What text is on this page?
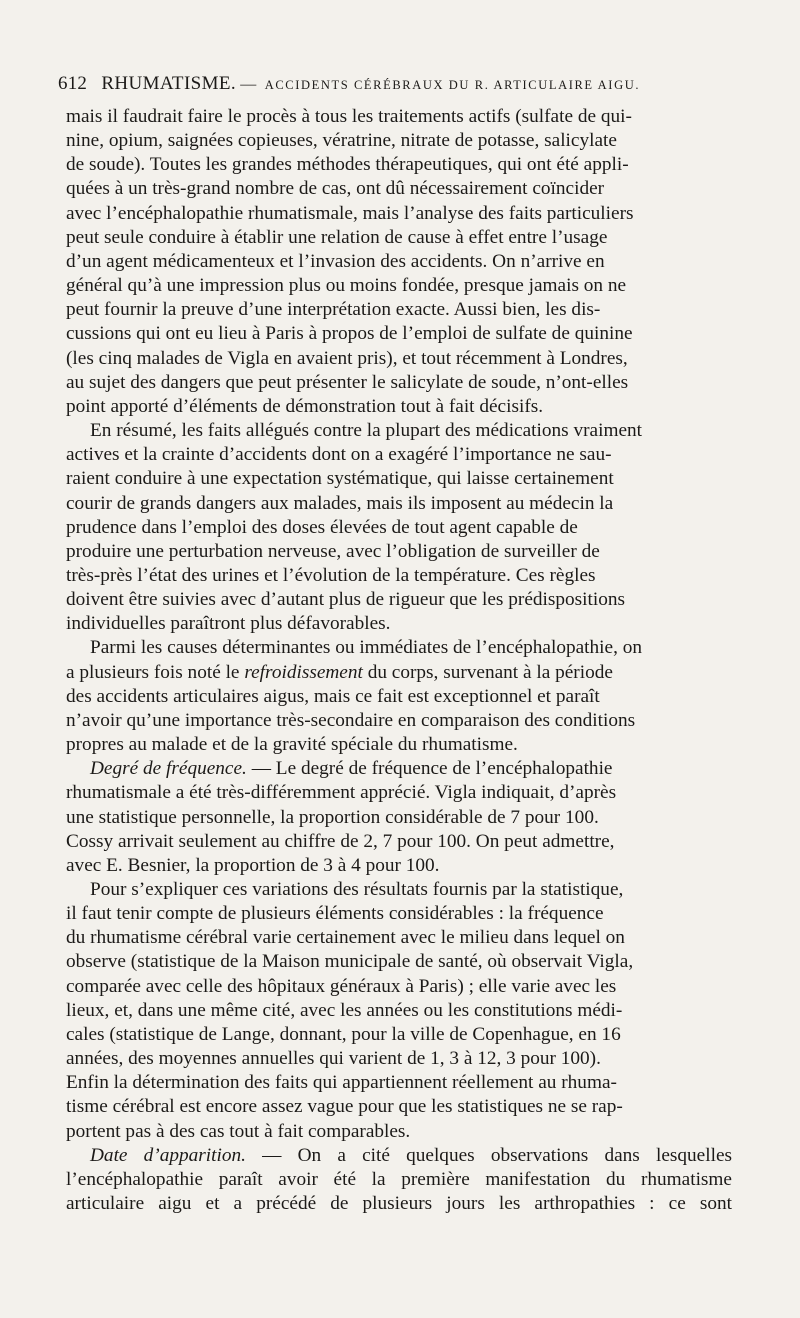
612 RHUMATISME. — ACCIDENTS CÉRÉBRAUX DU R. ARTICULAIRE AIGU.

mais il faudrait faire le procès à tous les traitements actifs (sulfate de qui-
nine, opium, saignées copieuses, vératrine, nitrate de potasse, salicylate
de soude). Toutes les grandes méthodes thérapeutiques, qui ont été appli-
quées à un très-grand nombre de cas, ont dû nécessairement coïncider
avec l’encéphalopathie rhumatismale, mais l’analyse des faits particuliers
peut seule conduire à établir une relation de cause à effet entre l’usage
d’un agent médicamenteux et l’invasion des accidents. On n’arrive en
général qu’à une impression plus ou moins fondée, presque jamais on ne
peut fournir la preuve d’une interprétation exacte. Aussi bien, les dis-
cussions qui ont eu lieu à Paris à propos de l’emploi de sulfate de quinine
(les cinq malades de Vigla en avaient pris), et tout récemment à Londres,
au sujet des dangers que peut présenter le salicylate de soude, n’ont-elles
point apporté d’éléments de démonstration tout à fait décisifs.

En résumé, les faits allégués contre la plupart des médications vraiment
actives et la crainte d’accidents dont on a exagéré l’importance ne sau-
raient conduire à une expectation systématique, qui laisse certainement
courir de grands dangers aux malades, mais ils imposent au médecin la
prudence dans l’emploi des doses élevées de tout agent capable de
produire une perturbation nerveuse, avec l’obligation de surveiller de
très-près l’état des urines et l’évolution de la température. Ces règles
doivent être suivies avec d’autant plus de rigueur que les prédispositions
individuelles paraîtront plus défavorables.

Parmi les causes déterminantes ou immédiates de l’encéphalopathie, on
a plusieurs fois noté le refroidissement du corps, survenant à la période
des accidents articulaires aigus, mais ce fait est exceptionnel et paraît
n’avoir qu’une importance très-secondaire en comparaison des conditions
propres au malade et de la gravité spéciale du rhumatisme.

Degré de fréquence. — Le degré de fréquence de l’encéphalopathie
rhumatismale a été très-différemment apprécié. Vigla indiquait, d’après
une statistique personnelle, la proportion considérable de 7 pour 100.
Cossy arrivait seulement au chiffre de 2, 7 pour 100. On peut admettre,
avec E. Besnier, la proportion de 3 à 4 pour 100.

Pour s’expliquer ces variations des résultats fournis par la statistique,
il faut tenir compte de plusieurs éléments considérables : la fréquence
du rhumatisme cérébral varie certainement avec le milieu dans lequel on
observe (statistique de la Maison municipale de santé, où observait Vigla,
comparée avec celle des hôpitaux généraux à Paris) ; elle varie avec les
lieux, et, dans une même cité, avec les années ou les constitutions médi-
cales (statistique de Lange, donnant, pour la ville de Copenhague, en 16
années, des moyennes annuelles qui varient de 1, 3 à 12, 3 pour 100).
Enfin la détermination des faits qui appartiennent réellement au rhuma-
tisme cérébral est encore assez vague pour que les statistiques ne se rap-
portent pas à des cas tout à fait comparables.

Date d’apparition. — On a cité quelques observations dans lesquelles
l’encéphalopathie paraît avoir été la première manifestation du rhumatisme
articulaire aigu et a précédé de plusieurs jours les arthropathies : ce sont
